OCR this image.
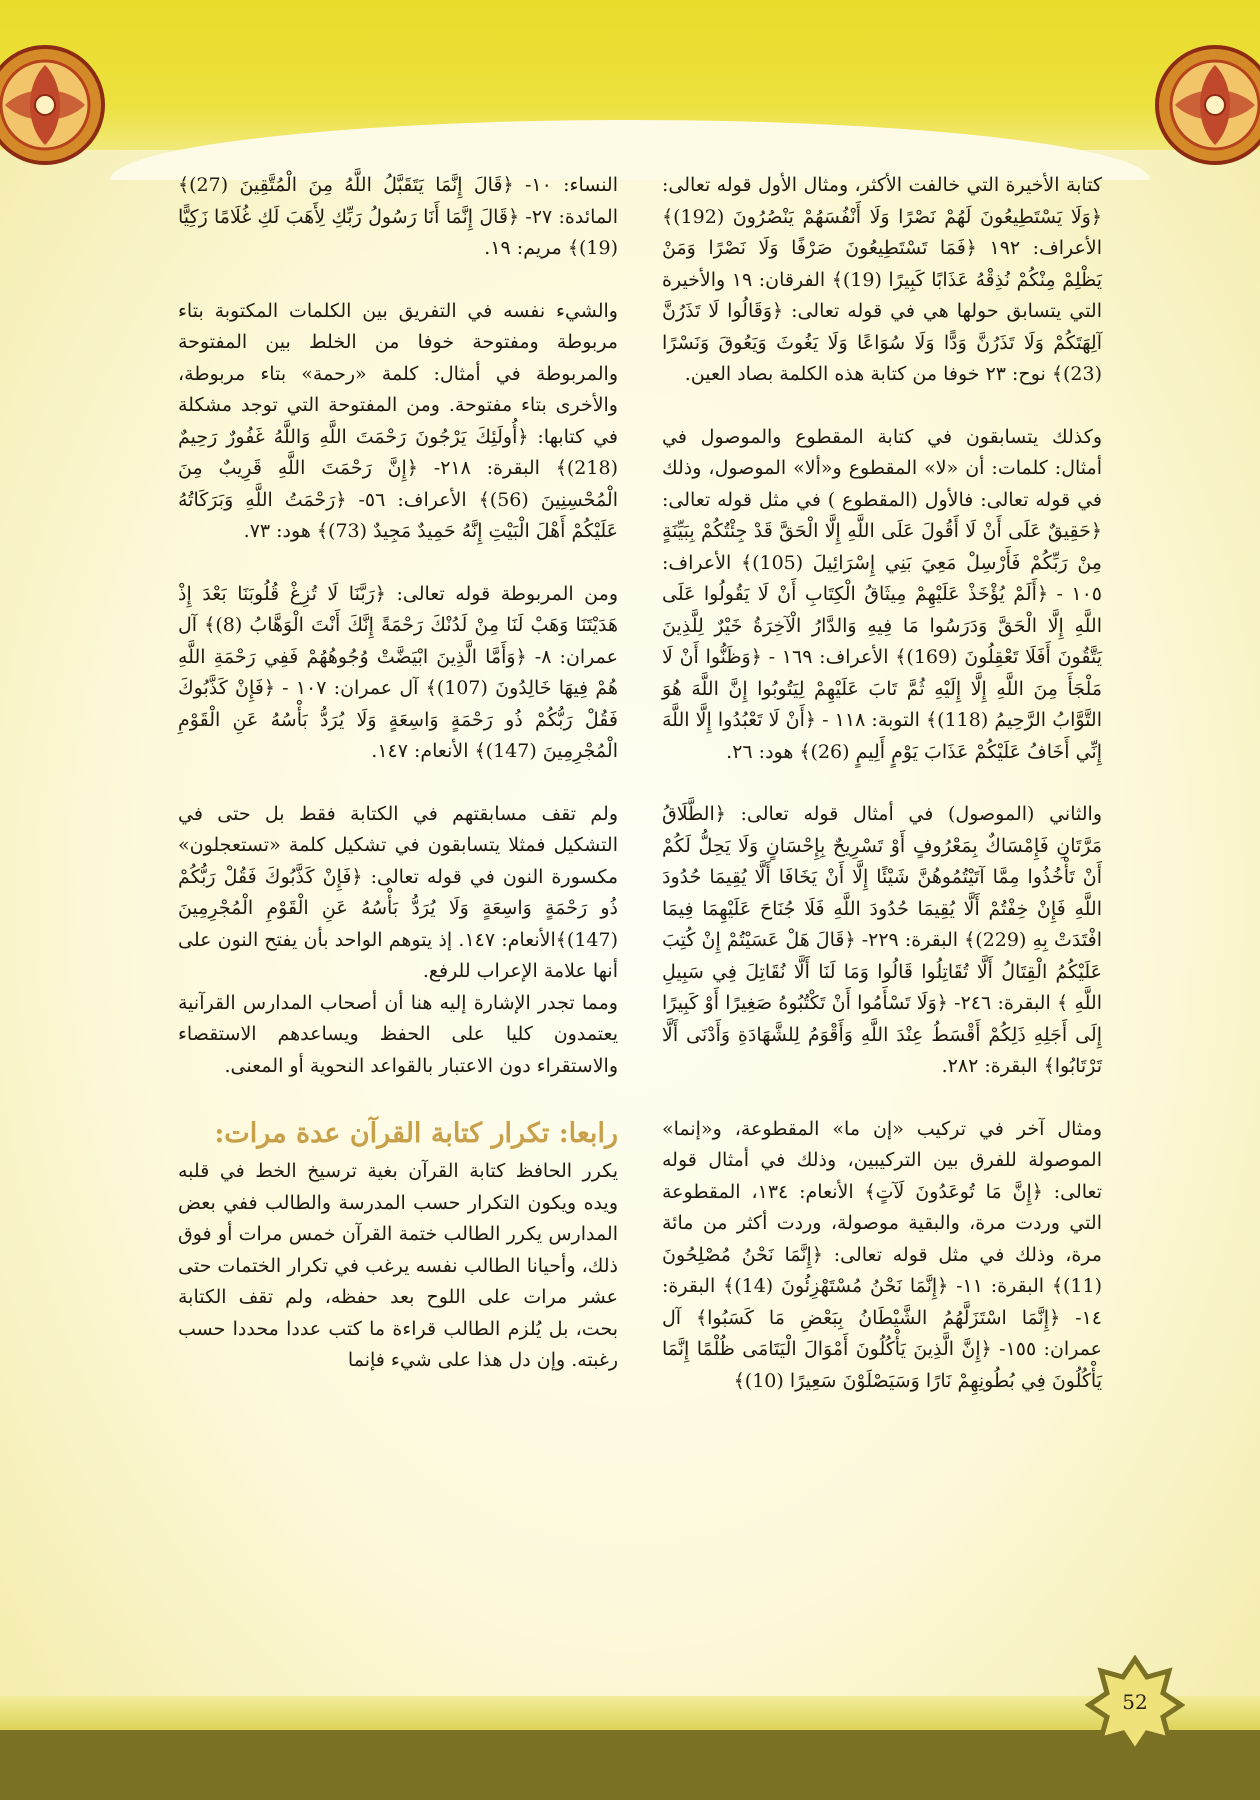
كتابة الأخيرة التي خالفت الأكثر، ومثال الأول قوله تعالى: ﴿وَلَا يَسْتَطِيعُونَ لَهُمْ نَصْرًا وَلَا أَنْفُسَهُمْ يَنْصُرُونَ (192)﴾ الأعراف: ١٩٢ ﴿فَمَا تَسْتَطِيعُونَ صَرْفًا وَلَا نَصْرًا وَمَنْ يَظْلِمْ مِنْكُمْ نُذِقْهُ عَذَابًا كَبِيرًا (19)﴾ الفرقان: ١٩ والأخيرة التي يتسابق حولها هي في قوله تعالى: ﴿وَقَالُوا لَا تَذَرُنَّ آلِهَتَكُمْ وَلَا تَذَرُنَّ وَدًّا وَلَا سُوَاعًا وَلَا يَغُوثَ وَيَعُوقَ وَنَسْرًا (23)﴾ نوح: ٢٣ خوفا من كتابة هذه الكلمة بصاد العين.

وكذلك يتسابقون في كتابة المقطوع والموصول في أمثال: كلمات: أن «لا» المقطوع و«ألا» الموصول، وذلك في قوله تعالى: فالأول (المقطوع ) في مثل قوله تعالى: ﴿حَقِيقٌ عَلَى أَنْ لَا أَقُولَ عَلَى اللَّهِ إِلَّا الْحَقَّ قَدْ جِئْتُكُمْ بِبَيِّنَةٍ مِنْ رَبِّكُمْ فَأَرْسِلْ مَعِيَ بَنِي إِسْرَائِيلَ (105)﴾ الأعراف: ١٠٥ - ﴿أَلَمْ يُؤْخَذْ عَلَيْهِمْ مِيثَاقُ الْكِتَابِ أَنْ لَا يَقُولُوا عَلَى اللَّهِ إِلَّا الْحَقَّ وَدَرَسُوا مَا فِيهِ وَالدَّارُ الْآخِرَةُ خَيْرٌ لِلَّذِينَ يَتَّقُونَ أَفَلَا تَعْقِلُونَ (169)﴾ الأعراف: ١٦٩ - ﴿وَظَنُّوا أَنْ لَا مَلْجَأَ مِنَ اللَّهِ إِلَّا إِلَيْهِ ثُمَّ تَابَ عَلَيْهِمْ لِيَتُوبُوا إِنَّ اللَّهَ هُوَ التَّوَّابُ الرَّحِيمُ (118)﴾ التوبة: ١١٨ - ﴿أَنْ لَا تَعْبُدُوا إِلَّا اللَّهَ إِنِّي أَخَافُ عَلَيْكُمْ عَذَابَ يَوْمٍ أَلِيمٍ (26)﴾ هود: ٢٦.

والثاني (الموصول) في أمثال قوله تعالى: ﴿الطَّلَاقُ مَرَّتَانِ فَإِمْسَاكٌ بِمَعْرُوفٍ أَوْ تَسْرِيحٌ بِإِحْسَانٍ وَلَا يَحِلُّ لَكُمْ أَنْ تَأْخُذُوا مِمَّا آتَيْتُمُوهُنَّ شَيْئًا إِلَّا أَنْ يَخَافَا أَلَّا يُقِيمَا حُدُودَ اللَّهِ فَإِنْ خِفْتُمْ أَلَّا يُقِيمَا حُدُودَ اللَّهِ فَلَا جُنَاحَ عَلَيْهِمَا فِيمَا افْتَدَتْ بِهِ (229)﴾ البقرة: ٢٢٩- ﴿قَالَ هَلْ عَسَيْتُمْ إِنْ كُتِبَ عَلَيْكُمُ الْقِتَالُ أَلَّا تُقَاتِلُوا قَالُوا وَمَا لَنَا أَلَّا نُقَاتِلَ فِي سَبِيلِ اللَّهِ ﴾ البقرة: ٢٤٦- ﴿وَلَا تَسْأَمُوا أَنْ تَكْتُبُوهُ صَغِيرًا أَوْ كَبِيرًا إِلَى أَجَلِهِ ذَلِكُمْ أَقْسَطُ عِنْدَ اللَّهِ وَأَقْوَمُ لِلشَّهَادَةِ وَأَدْنَى أَلَّا تَرْتَابُوا﴾ البقرة: ٢٨٢.

ومثال آخر في تركيب «إن ما» المقطوعة، و«إنما» الموصولة للفرق بين التركيبين، وذلك في أمثال قوله تعالى: ﴿إِنَّ مَا تُوعَدُونَ لَآتٍ﴾ الأنعام: ١٣٤، المقطوعة التي وردت مرة، والبقية موصولة، وردت أكثر من مائة مرة، وذلك في مثل قوله تعالى: ﴿إِنَّمَا نَحْنُ مُصْلِحُونَ (11)﴾ البقرة: ١١- ﴿إِنَّمَا نَحْنُ مُسْتَهْزِئُونَ (14)﴾ البقرة: ١٤- ﴿إِنَّمَا اسْتَزَلَّهُمُ الشَّيْطَانُ بِبَعْضِ مَا كَسَبُوا﴾ آل عمران: ١٥٥- ﴿إِنَّ الَّذِينَ يَأْكُلُونَ أَمْوَالَ الْيَتَامَى ظُلْمًا إِنَّمَا يَأْكُلُونَ فِي بُطُونِهِمْ نَارًا وَسَيَصْلَوْنَ سَعِيرًا (10)﴾

النساء: ١٠- ﴿قَالَ إِنَّمَا يَتَقَبَّلُ اللَّهُ مِنَ الْمُتَّقِينَ (27)﴾ المائدة: ٢٧- ﴿قَالَ إِنَّمَا أَنَا رَسُولُ رَبِّكِ لِأَهَبَ لَكِ غُلَامًا زَكِيًّا (19)﴾ مريم: ١٩.

والشيء نفسه في التفريق بين الكلمات المكتوبة بتاء مربوطة ومفتوحة خوفا من الخلط بين المفتوحة والمربوطة في أمثال: كلمة «رحمة» بتاء مربوطة، والأخرى بتاء مفتوحة. ومن المفتوحة التي توجد مشكلة في كتابها: ﴿أُولَئِكَ يَرْجُونَ رَحْمَتَ اللَّهِ وَاللَّهُ غَفُورٌ رَحِيمٌ (218)﴾ البقرة: ٢١٨- ﴿إِنَّ رَحْمَتَ اللَّهِ قَرِيبٌ مِنَ الْمُحْسِنِينَ (56)﴾ الأعراف: ٥٦- ﴿رَحْمَتُ اللَّهِ وَبَرَكَاتُهُ عَلَيْكُمْ أَهْلَ الْبَيْتِ إِنَّهُ حَمِيدٌ مَجِيدٌ (73)﴾ هود: ٧٣.

ومن المربوطة قوله تعالى: ﴿رَبَّنَا لَا تُزِغْ قُلُوبَنَا بَعْدَ إِذْ هَدَيْتَنَا وَهَبْ لَنَا مِنْ لَدُنْكَ رَحْمَةً إِنَّكَ أَنْتَ الْوَهَّابُ (8)﴾ آل عمران: ٨- ﴿وَأَمَّا الَّذِينَ ابْيَضَّتْ وُجُوهُهُمْ فَفِي رَحْمَةِ اللَّهِ هُمْ فِيهَا خَالِدُونَ (107)﴾ آل عمران: ١٠٧ - ﴿فَإِنْ كَذَّبُوكَ فَقُلْ رَبُّكُمْ ذُو رَحْمَةٍ وَاسِعَةٍ وَلَا يُرَدُّ بَأْسُهُ عَنِ الْقَوْمِ الْمُجْرِمِينَ (147)﴾ الأنعام: ١٤٧.

ولم تقف مسابقتهم في الكتابة فقط بل حتى في التشكيل فمثلا يتسابقون في تشكيل كلمة «تستعجلون» مكسورة النون في قوله تعالى: ﴿فَإِنْ كَذَّبُوكَ فَقُلْ رَبُّكُمْ ذُو رَحْمَةٍ وَاسِعَةٍ وَلَا يُرَدُّ بَأْسُهُ عَنِ الْقَوْمِ الْمُجْرِمِينَ (147)﴾الأنعام: ١٤٧. إذ يتوهم الواحد بأن يفتح النون على أنها علامة الإعراب للرفع.

ومما تجدر الإشارة إليه هنا أن أصحاب المدارس القرآنية يعتمدون كليا على الحفظ ويساعدهم الاستقصاء والاستقراء دون الاعتبار بالقواعد النحوية أو المعنى.

رابعا: تكرار كتابة القرآن عدة مرات:

يكرر الحافظ كتابة القرآن بغية ترسيخ الخط في قلبه ويده ويكون التكرار حسب المدرسة والطالب ففي بعض المدارس يكرر الطالب ختمة القرآن خمس مرات أو فوق ذلك، وأحيانا الطالب نفسه يرغب في تكرار الختمات حتى عشر مرات على اللوح بعد حفظه، ولم تقف الكتابة بحت، بل يُلزم الطالب قراءة ما كتب عددا محددا حسب رغبته. وإن دل هذا على شيء فإنما

52
